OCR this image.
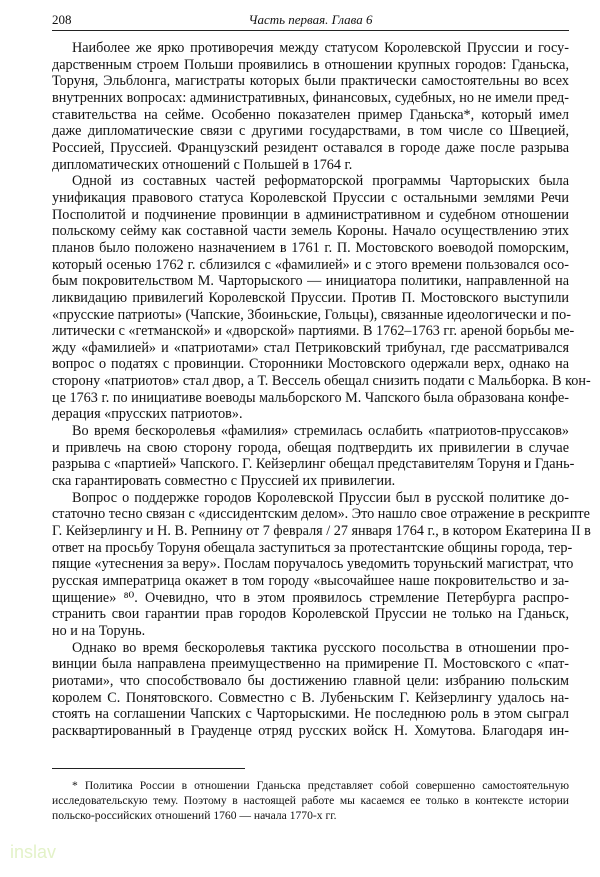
208	Часть первая. Глава 6
Наиболее же ярко противоречия между статусом Королевской Пруссии и госу-
дарственным строем Польши проявились в отношении крупных городов: Гданьска,
Торуня, Эльблонга, магистраты которых были практически самостоятельны во всех
внутренних вопросах: административных, финансовых, судебных, но не имели пред-
ставительства на сейме. Особенно показателен пример Гданьска*, который имел
даже дипломатические связи с другими государствами, в том числе со Швецией,
Россией, Пруссией. Французский резидент оставался в городе даже после разрыва
дипломатических отношений с Польшей в 1764 г.
Одной из составных частей реформаторской программы Чарторыских была
унификация правового статуса Королевской Пруссии с остальными землями Речи
Посполитой и подчинение провинции в административном и судебном отношении
польскому сейму как составной части земель Короны. Начало осуществлению этих
планов было положено назначением в 1761 г. П. Мостовского воеводой поморским,
который осенью 1762 г. сблизился с «фамилией» и с этого времени пользовался осо-
бым покровительством М. Чарторыского — инициатора политики, направленной на
ликвидацию привилегий Королевской Пруссии. Против П. Мостовского выступили
«прусские патриоты» (Чапские, Збоиньские, Гольцы), связанные идеологически и по-
литически с «гетманской» и «дворской» партиями. В 1762–1763 гг. ареной борьбы ме-
жду «фамилией» и «патриотами» стал Петриковский трибунал, где рассматривался
вопрос о податях с провинции. Сторонники Мостовского одержали верх, однако на
сторону «патриотов» стал двор, а Т. Вессель обещал снизить подати с Мальборка. В кон-
це 1763 г. по инициативе воеводы мальборского М. Чапского была образована конфе-
дерация «прусских патриотов».
Во время бескоролевья «фамилия» стремилась ослабить «патриотов-пруссаков»
и привлечь на свою сторону города, обещая подтвердить их привилегии в случае
разрыва с «партией» Чапского. Г. Кейзерлинг обещал представителям Торуня и Гдань-
ска гарантировать совместно с Пруссией их привилегии.
Вопрос о поддержке городов Королевской Пруссии был в русской политике до-
статочно тесно связан с «диссидентским делом». Это нашло свое отражение в рескрипте
Г. Кейзерлингу и Н. В. Репнину от 7 февраля / 27 января 1764 г., в котором Екатерина II в
ответ на просьбу Торуня обещала заступиться за протестантские общины города, тер-
пящие «утеснения за веру». Послам поручалось уведомить торуньский магистрат, что
русская императрица окажет в том городу «высочайшее наше покровительство и за-
щищение» ⁸⁰. Очевидно, что в этом проявилось стремление Петербурга распро-
странить свои гарантии прав городов Королевской Пруссии не только на Гданьск,
но и на Торунь.
Однако во время бескоролевья тактика русского посольства в отношении про-
винции была направлена преимущественно на примирение П. Мостовского с «пат-
риотами», что способствовало бы достижению главной цели: избранию польским
королем С. Понятовского. Совместно с В. Лубеньским Г. Кейзерлингу удалось на-
стоять на соглашении Чапских с Чарторыскими. Не последнюю роль в этом сыграл
расквартированный в Грауденце отряд русских войск Н. Хомутова. Благодаря ин-
* Политика России в отношении Гданьска представляет собой совершенно самостоятельную
исследовательскую тему. Поэтому в настоящей работе мы касаемся ее только в контексте истории
польско-российских отношений 1760 — начала 1770-х гг.
inslav
